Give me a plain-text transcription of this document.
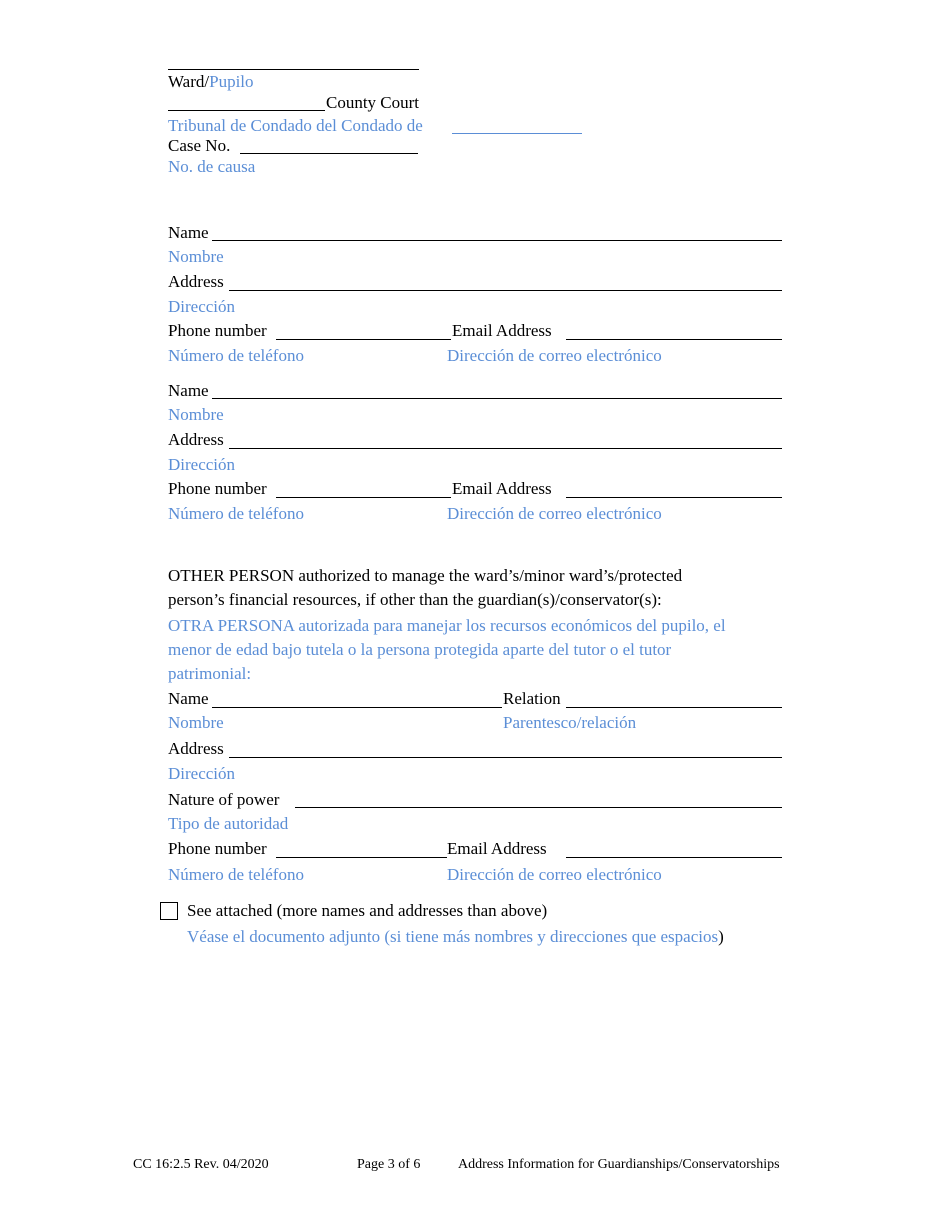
Ward/Pupilo
County Court
Tribunal de Condado del Condado de
Case No.
No. de causa
Name
Nombre
Address
Dirección
Phone number	Email Address
Número de teléfono	Dirección de correo electrónico
Name
Nombre
Address
Dirección
Phone number	Email Address
Número de teléfono	Dirección de correo electrónico
OTHER PERSON authorized to manage the ward’s/minor ward’s/protected
person’s financial resources, if other than the guardian(s)/conservator(s):
OTRA PERSONA autorizada para manejar los recursos económicos del pupilo, el
menor de edad bajo tutela o la persona protegida aparte del tutor o el tutor
patrimonial:
Name	Relation
Nombre	Parentesco/relación
Address
Dirección
Nature of power
Tipo de autoridad
Phone number	Email Address
Número de teléfono	Dirección de correo electrónico
See attached (more names and addresses than above)
Véase el documento adjunto (si tiene más nombres y direcciones que espacios)
CC 16:2.5 Rev. 04/2020	Page 3 of 6	Address Information for Guardianships/Conservatorships
